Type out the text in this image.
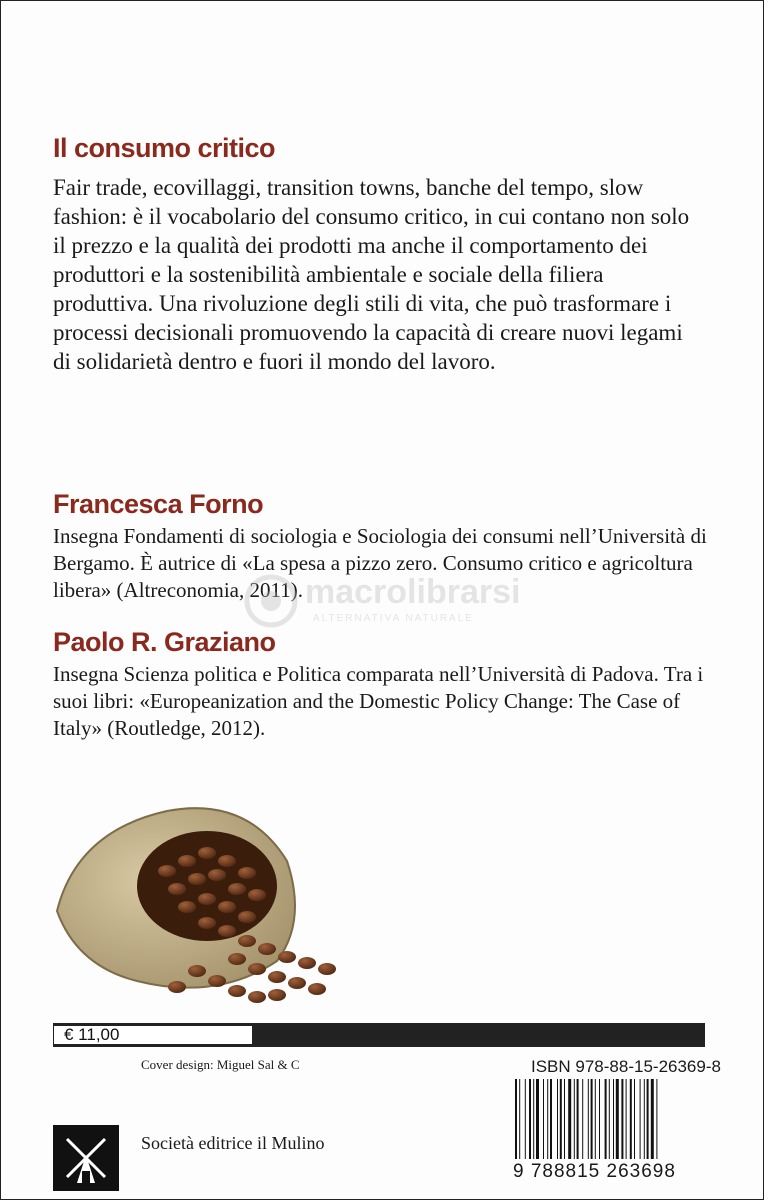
Il consumo critico

Fair trade, ecovillaggi, transition towns, banche del tempo, slow fashion: è il vocabolario del consumo critico, in cui contano non solo il prezzo e la qualità dei prodotti ma anche il comportamento dei produttori e la sostenibilità ambientale e sociale della filiera produttiva. Una rivoluzione degli stili di vita, che può trasformare i processi decisionali promuovendo la capacità di creare nuovi legami di solidarietà dentro e fuori il mondo del lavoro.

Francesca Forno

Insegna Fondamenti di sociologia e Sociologia dei consumi nell’Università di Bergamo. È autrice di «La spesa a pizzo zero. Consumo critico e agricoltura libera» (Altreconomia, 2011). macrolibrarsi
ALTERNATIVA NATURALE
Paolo R. Graziano

Insegna Scienza politica e Politica comparata nell’Università di Padova. Tra i suoi libri: «Europeanization and the Domestic Policy Change: The Case of Italy» (Routledge, 2012).

€ 11,00
Cover design: Miguel Sal & C	ISBN 978-88-15-26369-8
9 788815 263698
Società editrice il Mulino
